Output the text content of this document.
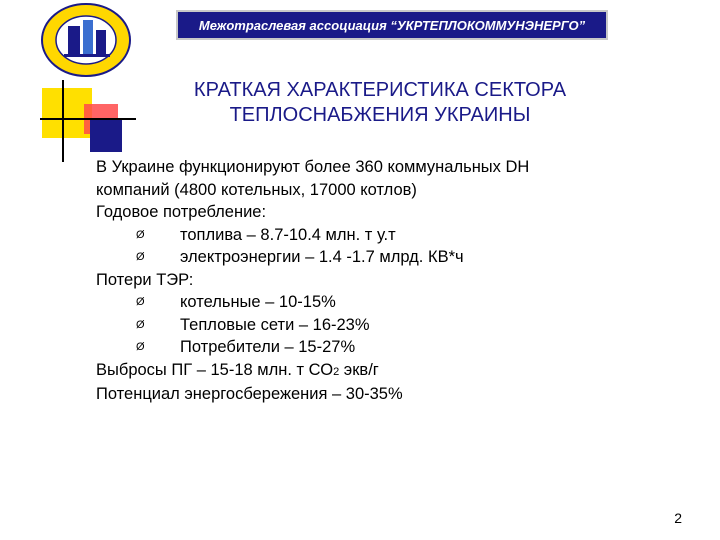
Межотраслевая ассоциация “УКРТЕПЛОКОММУНЭНЕРГО”
КРАТКАЯ ХАРАКТЕРИСТИКА СЕКТОРА
ТЕПЛОСНАБЖЕНИЯ УКРАИНЫ
В Украине функционируют более 360 коммунальных DH
компаний (4800 котельных, 17000 котлов)
Годовое потребление:
Ø	топлива – 8.7-10.4 млн. т у.т
Ø	электроэнергии – 1.4 -1.7 млрд. КВ*ч
Потери ТЭР:
Ø	котельные – 10-15%
Ø	Тепловые сети – 16-23%
Ø	Потребители – 15-27%
Выбросы ПГ – 15-18 млн. т СО2 экв/г
Потенциал энергосбережения – 30-35%
2
